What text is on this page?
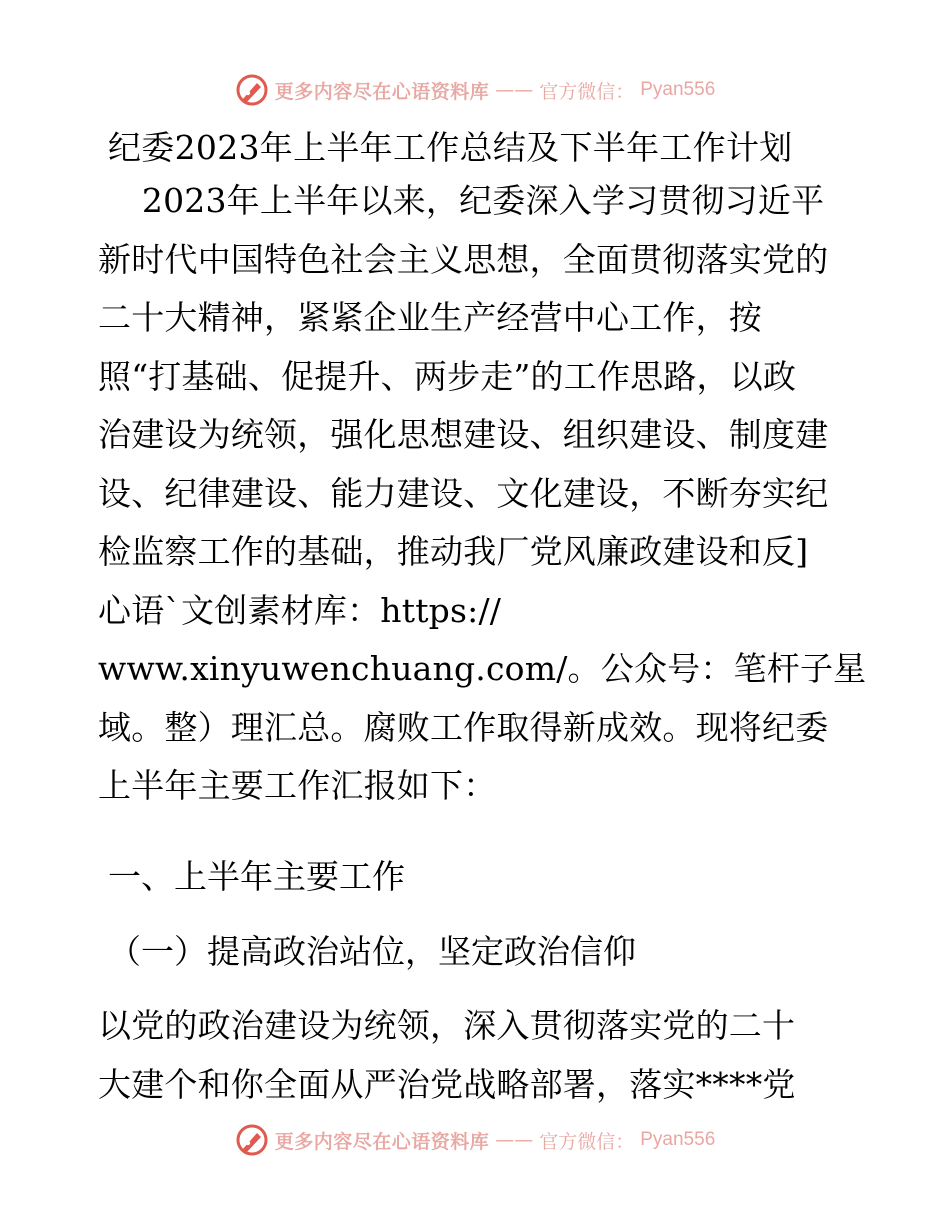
更多内容尽在心语资料库 —— 官方微信： Pyan556
纪委2023年上半年工作总结及下半年工作计划
　 2023年上半年以来，纪委深入学习贯彻习近平
新时代中国特色社会主义思想，全面贯彻落实党的
二十大精神，紧紧企业生产经营中心工作，按
照“打基础、促提升、两步走”的工作思路，以政
治建设为统领，强化思想建设、组织建设、制度建
设、纪律建设、能力建设、文化建设，不断夯实纪
检监察工作的基础，推动我厂党风廉政建设和反]
心语`文创素材库：https://
www.xinyuwenchuang.com/。公众号：笔杆子星
域。整）理汇总。腐败工作取得新成效。现将纪委
上半年主要工作汇报如下：
一、上半年主要工作
（一）提高政治站位，坚定政治信仰
以党的政治建设为统领，深入贯彻落实党的二十
大建个和你全面从严治党战略部署，落实****党
更多内容尽在心语资料库 —— 官方微信： Pyan556
